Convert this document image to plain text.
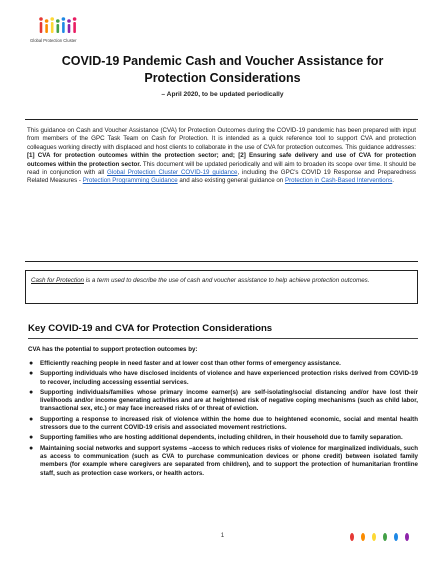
Global Protection Cluster
COVID-19 Pandemic Cash and Voucher Assistance for Protection Considerations
– April 2020, to be updated periodically
This guidance on Cash and Voucher Assistance (CVA) for Protection Outcomes during the COVID-19 pandemic has been prepared with input from members of the GPC Task Team on Cash for Protection. It is intended as a quick reference tool to support CVA and protection colleagues working directly with displaced and host clients to collaborate in the use of CVA for protection outcomes. This guidance addresses: [1] CVA for protection outcomes within the protection sector; and; [2] Ensuring safe delivery and use of CVA for protection outcomes within the protection sector. This document will be updated periodically and will aim to broaden its scope over time. It should be read in conjunction with all Global Protection Cluster COVID-19 guidance, including the GPC's COVID 19 Response and Preparedness Related Measures - Protection Programming Guidance and also existing general guidance on Protection in Cash-Based Interventions.
Cash for Protection is a term used to describe the use of cash and voucher assistance to help achieve protection outcomes.
Key COVID-19 and CVA for Protection Considerations
CVA has the potential to support protection outcomes by:
● Efficiently reaching people in need faster and at lower cost than other forms of emergency assistance.
● Supporting individuals who have disclosed incidents of violence and have experienced protection risks derived from COVID-19 to recover, including accessing essential services.
● Supporting individuals/families whose primary income earner(s) are self-isolating/social distancing and/or have lost their livelihoods and/or income generating activities and are at heightened risk of negative coping mechanisms (such as child labor, transactional sex, etc.) or may face increased risks of or threat of eviction.
● Supporting a response to increased risk of violence within the home due to heightened economic, social and mental health stressors due to the current COVID-19 crisis and associated movement restrictions.
● Supporting families who are hosting additional dependents, including children, in their household due to family separation.
● Maintaining social networks and support systems –access to which reduces risks of violence for marginalized individuals, such as access to communication (such as CVA to purchase communication devices or phone credit) between isolated family members (for example where caregivers are separated from children), and to support the protection of humanitarian frontline staff, such as protection case workers, or health actors.
1
